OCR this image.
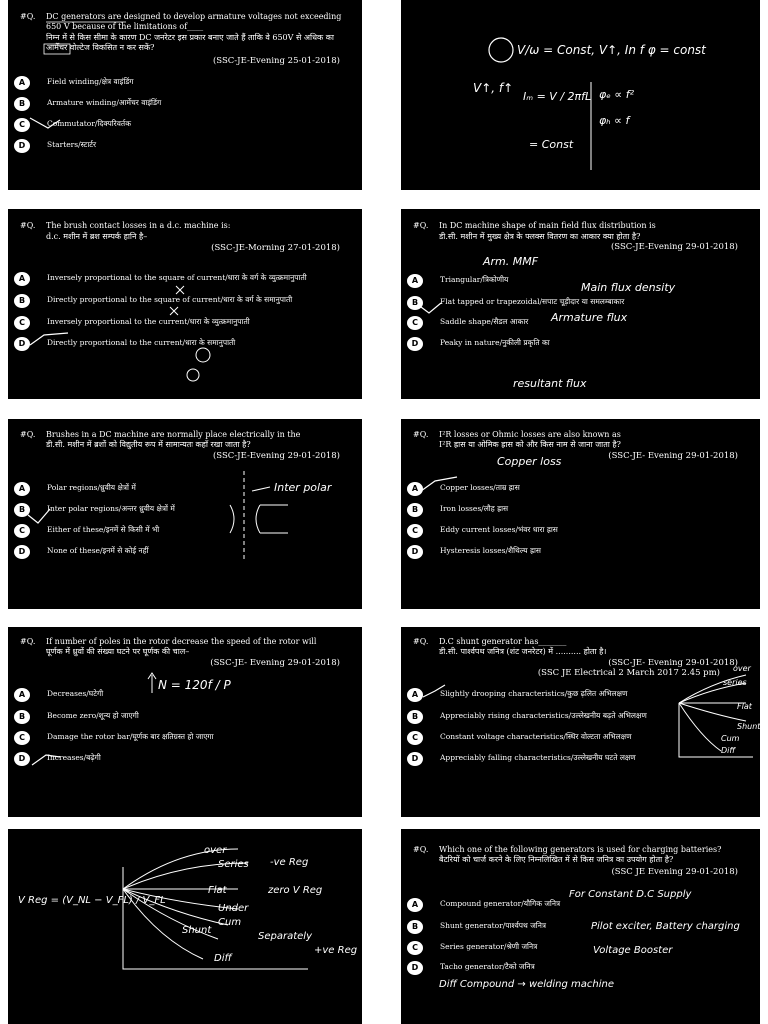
#Q. DC generators are designed to develop armature voltages not exceeding 650 V because of the limitations of____
निम्न में से किस सीमा के कारण DC जनरेटर इस प्रकार बनाए जाते हैं ताकि वे 650V से अधिक का आर्मेचर वोल्टेज विकसित न कर सकें?
(SSC-JE-Evening 25-01-2018)
A	Field winding/क्षेत्र वाइंडिंग
B	Armature winding/आर्मेचर वाइंडिंग
C	Commutator/दिक्परिवर्तक
D	Starters/स्टार्टर
V/ω = Const, V↑, In f φ = const
V↑, f↑
Iₘ = V / 2πfL φₑ ∝ f²
φₕ ∝ f
= Const
#Q. The brush contact losses in a d.c. machine is:
d.c. मशीन में ब्रश सम्पर्क हानि है–
(SSC-JE-Morning 27-01-2018)
A	Inversely proportional to the square of current/धारा के वर्ग के व्युत्क्रमानुपाती
B	Directly proportional to the square of current/धारा के वर्ग के समानुपाती
C	Inversely proportional to the current/धारा के व्युत्क्रमानुपाती
D	Directly proportional to the current/धारा के समानुपाती
#Q. In DC machine shape of main field flux distribution is
डी.सी. मशीन में मुख्य क्षेत्र के फ्लक्स वितरण का आकार क्या होता है?
(SSC-JE-Evening 29-01-2018)
A	Triangular/त्रिकोणीय
B	Flat tapped or trapezoidal/सपाट चूड़ीदार या समलम्बाकार
C	Saddle shape/सैडल आकार
D	Peaky in nature/नुकीली प्रकृति का
Arm. MMF
Main flux density
Armature flux
resultant flux
#Q. Brushes in a DC machine are normally place electrically in the
डी.सी. मशीन में ब्रशों को विद्युतीय रूप में सामान्यतः कहाँ रखा जाता है?
(SSC-JE-Evening 29-01-2018)
A	Polar regions/ध्रुवीय क्षेत्रों में
B	Inter polar regions/अन्तर ध्रुवीय क्षेत्रों में
C	Either of these/इनमें से किसी में भी
D	None of these/इनमें से कोई नहीं
Inter polar
#Q. I²R losses or Ohmic losses are also known as
I²R ह्रास या ओमिक ह्रास को और किस नाम से जाना जाता है?
(SSC-JE- Evening 29-01-2018)
A	Copper losses/ताम्र ह्रास
B	Iron losses/लौह ह्रास
C	Eddy current losses/भंवर धारा ह्रास
D	Hysteresis losses/शैथिल्य ह्रास
Copper loss
#Q. If number of poles in the rotor decrease the speed of the rotor will
घूर्णक में ध्रुवों की संख्या घटने पर घूर्णक की चाल–
(SSC-JE- Evening 29-01-2018)
A	Decreases/घटेगी
B	Become zero/शून्य हो जाएगी
C	Damage the rotor bar/घूर्णक बार क्षतिग्रस्त हो जाएगा
D	Increases/बढ़ेगी
N = 120f / P
#Q. D.C shunt generator has_______
डी.सी. पार्श्वपथ जनित्र (शंट जनरेटर) में .......... होता है।
(SSC-JE- Evening 29-01-2018)
(SSC JE Electrical 2 March 2017 2.45 pm)
A	Slightly drooping characteristics/कुछ ढ़लित अभिलक्षण
B	Appreciably rising characteristics/उल्लेखनीय बढ़ते अभिलक्षण
C	Constant voltage characteristics/स्थिर वोल्टता अभिलक्षण
D	Appreciably falling characteristics/उल्लेखनीय घटते लक्षण
over
series
Flat
Shunt
Cum
Diff
over
Series -ve Reg
Flat	zero V Reg
Under
Cum
Shunt
Separately
+ve Reg
Diff
V Reg = (V_NL − V_FL) / V_FL
#Q. Which one of the following generators is used for charging batteries?
बैटरियों को चार्ज करने के लिए निम्नलिखित में से किस जनित्र का उपयोग होता है?
(SSC JE Evening 29-01-2018)
A	Compound generator/यौगिक जनित्र
B	Shunt generator/पार्श्वपथ जनित्र
C	Series generator/श्रेणी जनित्र
D	Tacho generator/टैको जनित्र
For Constant D.C Supply
Pilot exciter, Battery charging
Voltage Booster
Diff Compound → welding machine
